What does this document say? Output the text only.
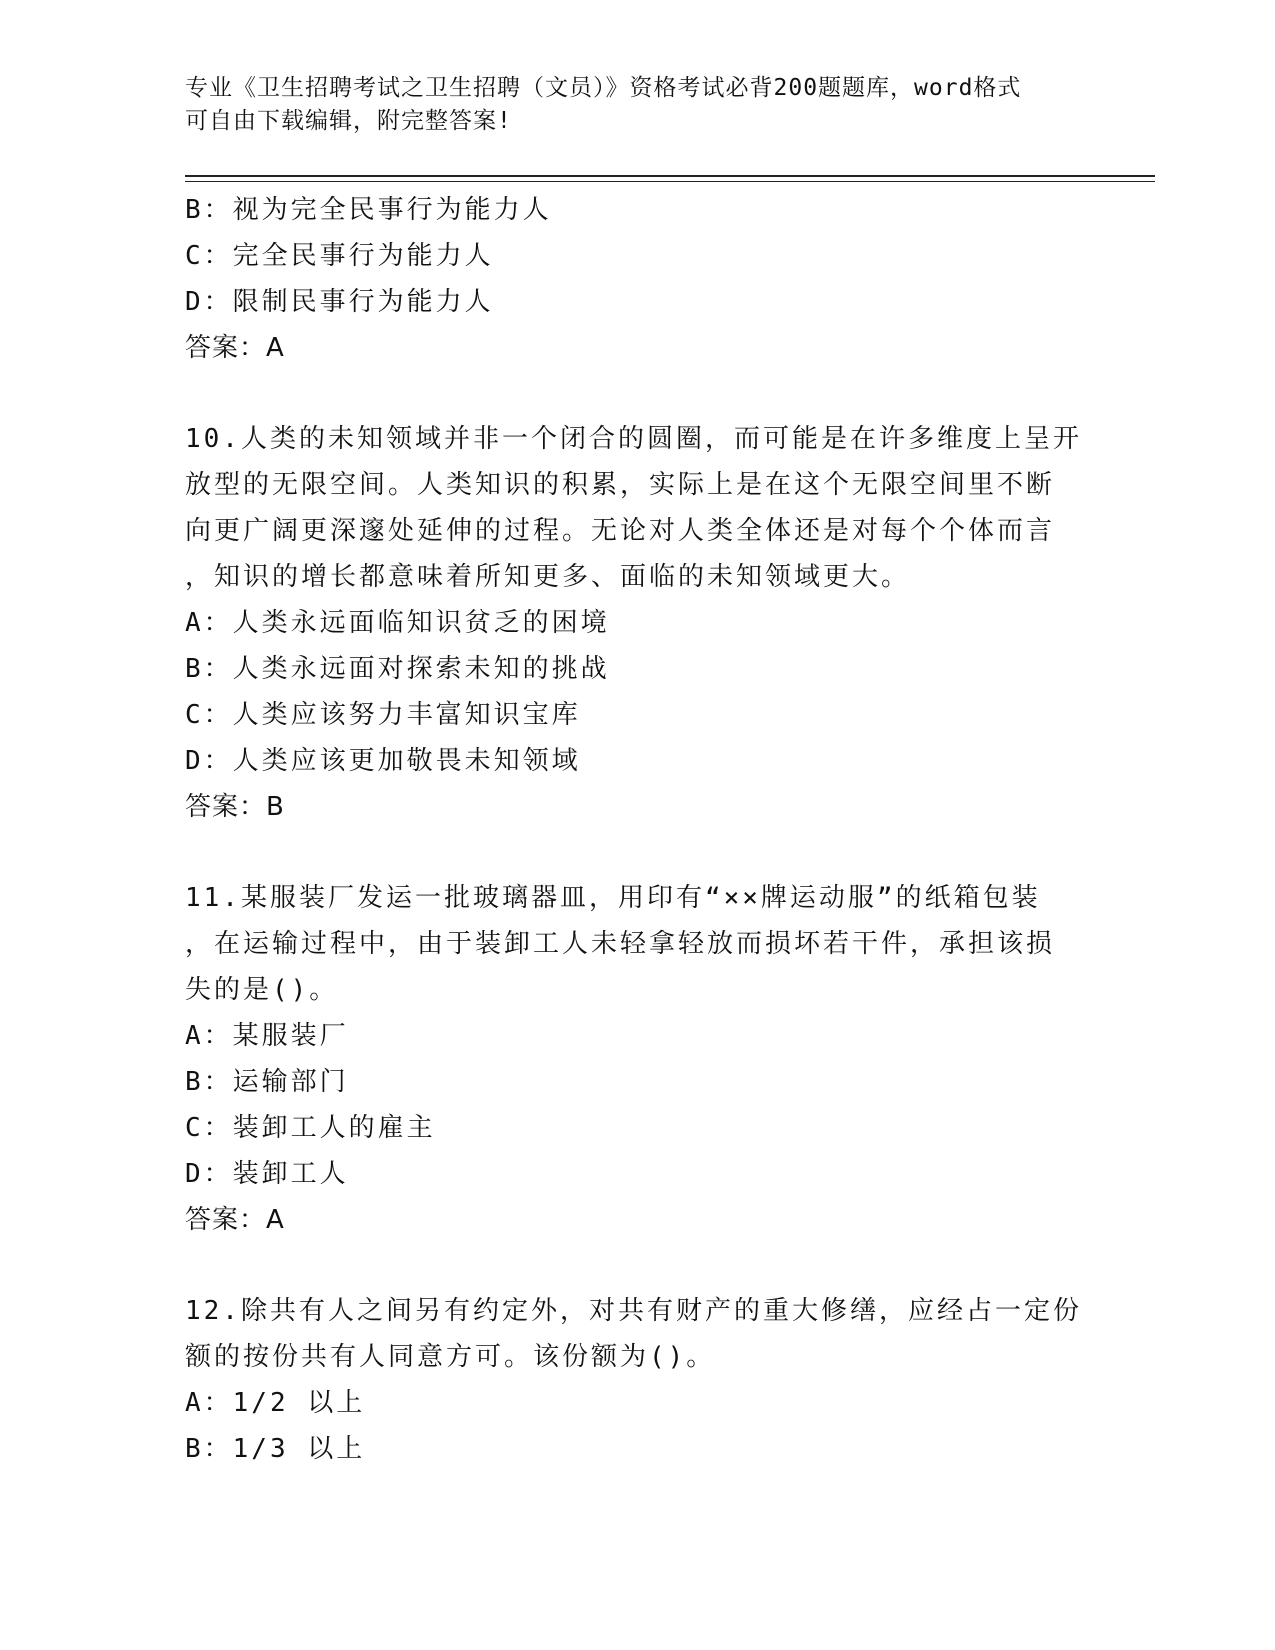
专业《卫生招聘考试之卫生招聘（文员）》资格考试必背200题题库，word格式
可自由下载编辑，附完整答案!
B：视为完全民事行为能力人
C：完全民事行为能力人
D：限制民事行为能力人
答案：A
10.人类的未知领域并非一个闭合的圆圈，而可能是在许多维度上呈开
放型的无限空间。人类知识的积累，实际上是在这个无限空间里不断
向更广阔更深邃处延伸的过程。无论对人类全体还是对每个个体而言
，知识的增长都意味着所知更多、面临的未知领域更大。
A：人类永远面临知识贫乏的困境
B：人类永远面对探索未知的挑战
C：人类应该努力丰富知识宝库
D：人类应该更加敬畏未知领域
答案：B
11.某服装厂发运一批玻璃器皿，用印有“××牌运动服”的纸箱包装
，在运输过程中，由于装卸工人未轻拿轻放而损坏若干件，承担该损
失的是()。
A：某服装厂
B：运输部门
C：装卸工人的雇主
D：装卸工人
答案：A
12.除共有人之间另有约定外，对共有财产的重大修缮，应经占一定份
额的按份共有人同意方可。该份额为()。
A：1/2 以上
B：1/3 以上
